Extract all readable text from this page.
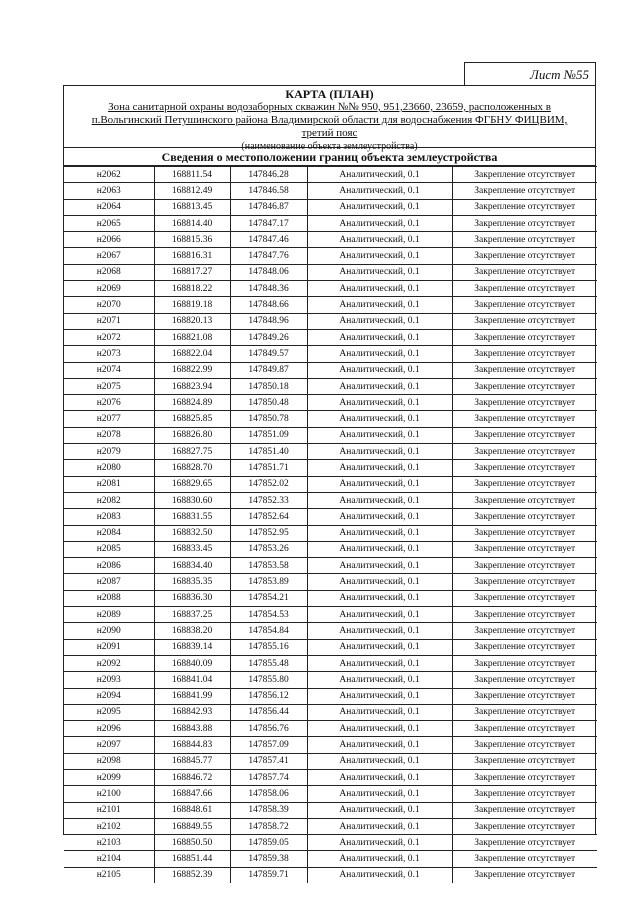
Лист №55
КАРТА (ПЛАН)
Зона санитарной охраны водозаборных скважин №№ 950, 951,23660, 23659, расположенных в
п.Вольгинский Петушинского района Владимирской области для водоснабжения ФГБНУ ФИЦВИМ,
третий пояс
(наименование объекта землеустройства)
Сведения о местоположении границ объекта землеустройства
н2062	168811.54	147846.28	Аналитический, 0.1	Закрепление отсутствует
н2063	168812.49	147846.58	Аналитический, 0.1	Закрепление отсутствует
н2064	168813.45	147846.87	Аналитический, 0.1	Закрепление отсутствует
н2065	168814.40	147847.17	Аналитический, 0.1	Закрепление отсутствует
н2066	168815.36	147847.46	Аналитический, 0.1	Закрепление отсутствует
н2067	168816.31	147847.76	Аналитический, 0.1	Закрепление отсутствует
н2068	168817.27	147848.06	Аналитический, 0.1	Закрепление отсутствует
н2069	168818.22	147848.36	Аналитический, 0.1	Закрепление отсутствует
н2070	168819.18	147848.66	Аналитический, 0.1	Закрепление отсутствует
н2071	168820.13	147848.96	Аналитический, 0.1	Закрепление отсутствует
н2072	168821.08	147849.26	Аналитический, 0.1	Закрепление отсутствует
н2073	168822.04	147849.57	Аналитический, 0.1	Закрепление отсутствует
н2074	168822.99	147849.87	Аналитический, 0.1	Закрепление отсутствует
н2075	168823.94	147850.18	Аналитический, 0.1	Закрепление отсутствует
н2076	168824.89	147850.48	Аналитический, 0.1	Закрепление отсутствует
н2077	168825.85	147850.78	Аналитический, 0.1	Закрепление отсутствует
н2078	168826.80	147851.09	Аналитический, 0.1	Закрепление отсутствует
н2079	168827.75	147851.40	Аналитический, 0.1	Закрепление отсутствует
н2080	168828.70	147851.71	Аналитический, 0.1	Закрепление отсутствует
н2081	168829.65	147852.02	Аналитический, 0.1	Закрепление отсутствует
н2082	168830.60	147852.33	Аналитический, 0.1	Закрепление отсутствует
н2083	168831.55	147852.64	Аналитический, 0.1	Закрепление отсутствует
н2084	168832.50	147852.95	Аналитический, 0.1	Закрепление отсутствует
н2085	168833.45	147853.26	Аналитический, 0.1	Закрепление отсутствует
н2086	168834.40	147853.58	Аналитический, 0.1	Закрепление отсутствует
н2087	168835.35	147853.89	Аналитический, 0.1	Закрепление отсутствует
н2088	168836.30	147854.21	Аналитический, 0.1	Закрепление отсутствует
н2089	168837.25	147854.53	Аналитический, 0.1	Закрепление отсутствует
н2090	168838.20	147854.84	Аналитический, 0.1	Закрепление отсутствует
н2091	168839.14	147855.16	Аналитический, 0.1	Закрепление отсутствует
н2092	168840.09	147855.48	Аналитический, 0.1	Закрепление отсутствует
н2093	168841.04	147855.80	Аналитический, 0.1	Закрепление отсутствует
н2094	168841.99	147856.12	Аналитический, 0.1	Закрепление отсутствует
н2095	168842.93	147856.44	Аналитический, 0.1	Закрепление отсутствует
н2096	168843.88	147856.76	Аналитический, 0.1	Закрепление отсутствует
н2097	168844.83	147857.09	Аналитический, 0.1	Закрепление отсутствует
н2098	168845.77	147857.41	Аналитический, 0.1	Закрепление отсутствует
н2099	168846.72	147857.74	Аналитический, 0.1	Закрепление отсутствует
н2100	168847.66	147858.06	Аналитический, 0.1	Закрепление отсутствует
н2101	168848.61	147858.39	Аналитический, 0.1	Закрепление отсутствует
н2102	168849.55	147858.72	Аналитический, 0.1	Закрепление отсутствует
н2103	168850.50	147859.05	Аналитический, 0.1	Закрепление отсутствует
н2104	168851.44	147859.38	Аналитический, 0.1	Закрепление отсутствует
н2105	168852.39	147859.71	Аналитический, 0.1	Закрепление отсутствует
